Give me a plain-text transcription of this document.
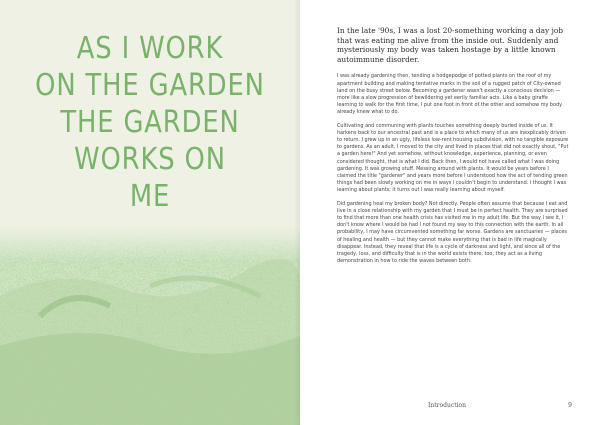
AS I WORK
ON THE GARDEN
THE GARDEN
WORKS ON
ME

In the late '90s, I was a lost 20-something working a day job that was eating me alive from the inside out. Suddenly and mysteriously my body was taken hostage by a little known autoimmune disorder.

I was already gardening then, tending a hodgepodge of potted plants on the roof of my apartment building and making tentative marks in the soil of a rugged patch of City-owned land on the busy street below. Becoming a gardener wasn't exactly a conscious decision — more like a slow progression of bewildering yet eerily familiar acts. Like a baby giraffe learning to walk for the first time, I put one foot in front of the other and somehow my body already knew what to do.

Cultivating and communing with plants touches something deeply buried inside of us. It harkens back to our ancestral past and is a place to which many of us are inexplicably driven to return. I grew up in an ugly, lifeless low-rent housing subdivision, with no tangible exposure to gardens. As an adult, I moved to the city and lived in places that did not exactly shout, "Put a garden here!" And yet somehow, without knowledge, experience, planning, or even considered thought, that is what I did. Back then, I would not have called what I was doing gardening. It was growing stuff. Messing around with plants. It would be years before I claimed the title "gardener" and years more before I understood how the act of tending green things had been slowly working on me in ways I couldn't begin to understand. I thought I was learning about plants; it turns out I was really learning about myself.

Did gardening heal my broken body? Not directly. People often assume that because I eat and live in a close relationship with my garden that I must be in perfect health. They are surprised to find that more than one health crisis has visited me in my adult life. But the way I see it, I don't know where I would be had I not found my way to this connection with the earth. In all probability, I may have circumvented something far worse. Gardens are sanctuaries — places of healing and health — but they cannot make everything that is bad in life magically disappear. Instead, they reveal that life is a cycle of darkness and light, and since all of the tragedy, loss, and difficulty that is in the world exists there, too, they act as a living demonstration in how to ride the waves between both.

Introduction	9
